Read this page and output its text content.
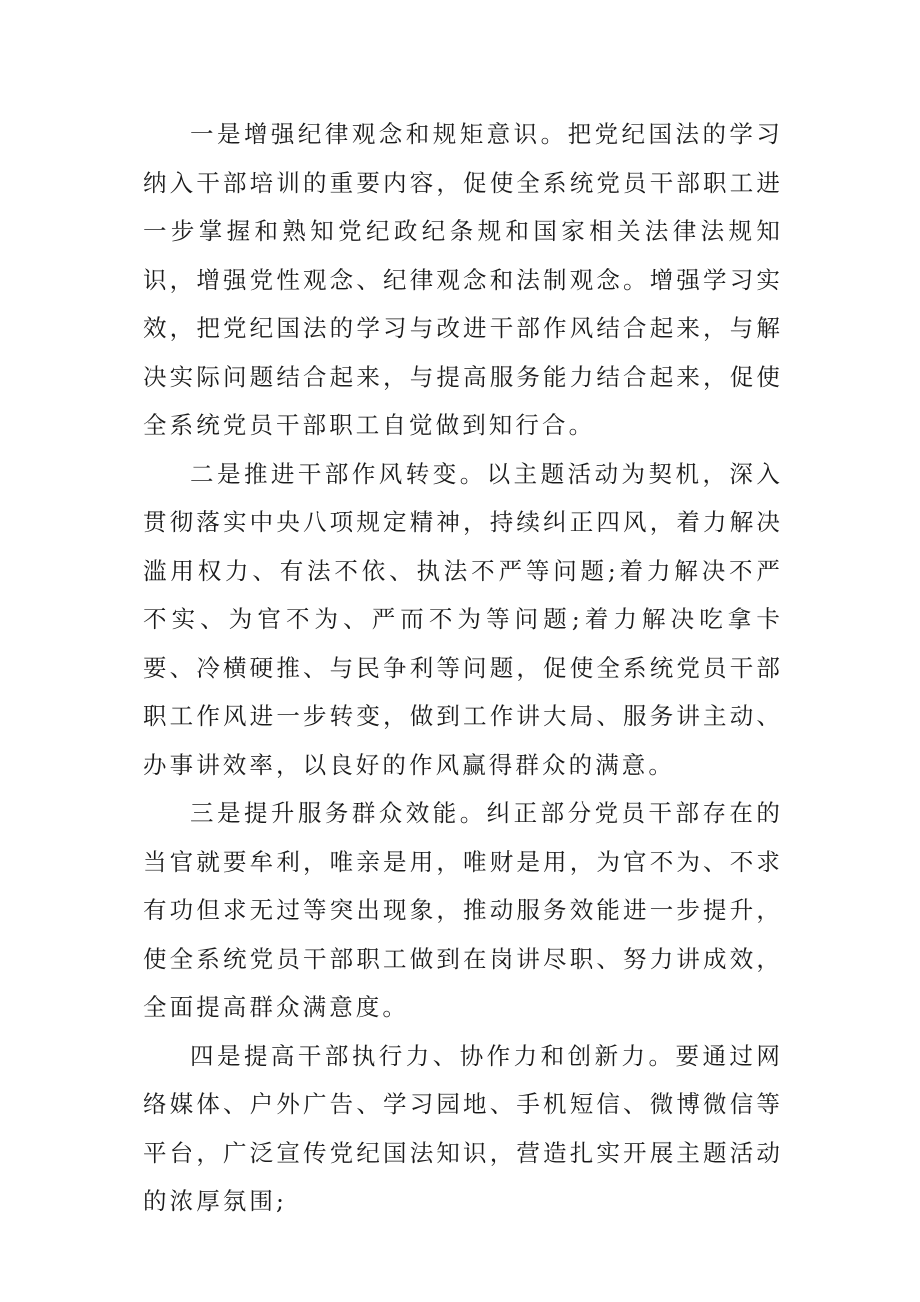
一是增强纪律观念和规矩意识。把党纪国法的学习纳入干部培训的重要内容，促使全系统党员干部职工进一步掌握和熟知党纪政纪条规和国家相关法律法规知识，增强党性观念、纪律观念和法制观念。增强学习实效，把党纪国法的学习与改进干部作风结合起来，与解决实际问题结合起来，与提高服务能力结合起来，促使全系统党员干部职工自觉做到知行合。

二是推进干部作风转变。以主题活动为契机，深入贯彻落实中央八项规定精神，持续纠正四风，着力解决滥用权力、有法不依、执法不严等问题;着力解决不严不实、为官不为、严而不为等问题;着力解决吃拿卡要、冷横硬推、与民争利等问题，促使全系统党员干部职工作风进一步转变，做到工作讲大局、服务讲主动、办事讲效率，以良好的作风赢得群众的满意。

三是提升服务群众效能。纠正部分党员干部存在的当官就要牟利，唯亲是用，唯财是用，为官不为、不求有功但求无过等突出现象，推动服务效能进一步提升，使全系统党员干部职工做到在岗讲尽职、努力讲成效，全面提高群众满意度。

四是提高干部执行力、协作力和创新力。要通过网络媒体、户外广告、学习园地、手机短信、微博微信等平台，广泛宣传党纪国法知识，营造扎实开展主题活动的浓厚氛围;
